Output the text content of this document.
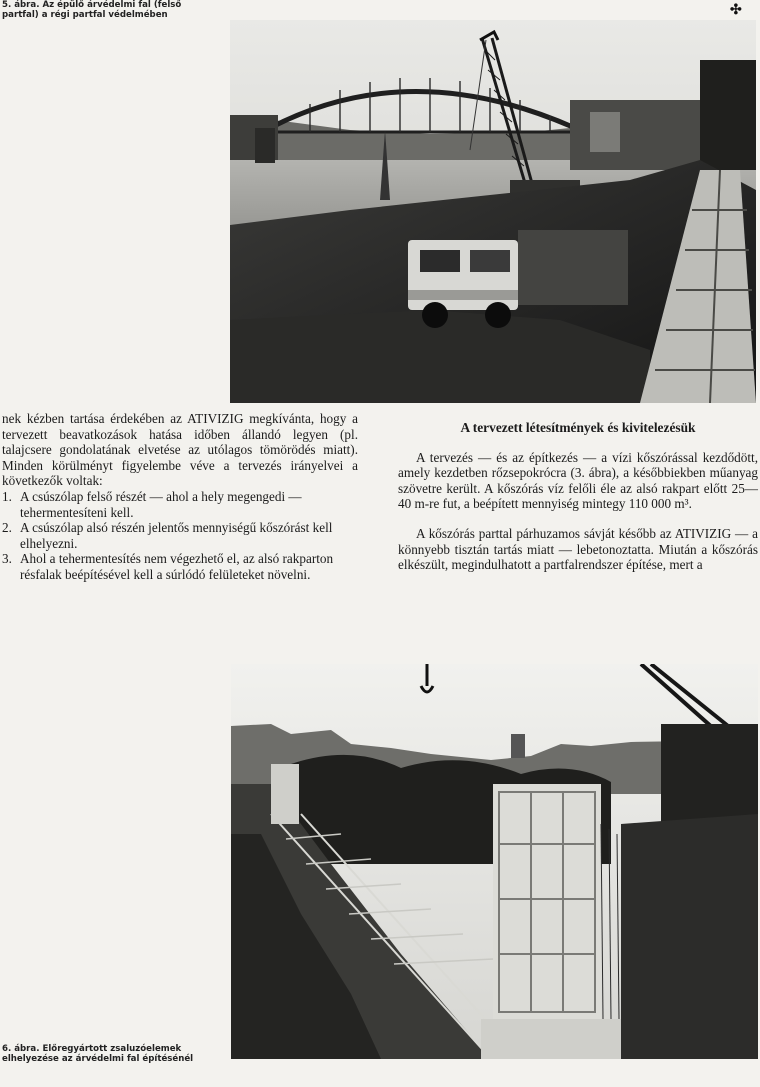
5. ábra. Az épülő árvédelmi fal (felső
partfal) a régi partfal védelmében	✣

nek kézben tartása érdekében az ATIVIZIG megkívánta, hogy a tervezett beavatkozások hatása időben állandó legyen (pl. talajcsere gondolatának elvetése az utólagos tömörödés miatt). Minden körülményt figyelembe véve a tervezés irányelvei a következők voltak:

1. A csúszólap felső részét — ahol a hely megengedi — tehermentesíteni kell.
2. A csúszólap alsó részén jelentős mennyiségű kőszórást kell elhelyezni.
3. Ahol a tehermentesítés nem végezhető el, az alsó rakparton résfalak beépítésével kell a súrlódó felületeket növelni.
A tervezett létesítmények és kivitelezésük

A tervezés — és az építkezés — a vízi kőszórással kezdődött, amely kezdetben rőzsepokrócra (3. ábra), a későbbiekben műanyag szövetre került. A kőszórás víz felőli éle az alsó rakpart előtt 25—40 m-re fut, a beépített mennyiség mintegy 110 000 m³.

A kőszórás parttal párhuzamos sávját később az ATIVIZIG — a könnyebb tisztán tartás miatt — lebetonoztatta. Miután a kőszórás elkészült, megindulhatott a partfalrendszer építése, mert a

6. ábra. Előregyártott zsaluzóelemek
elhelyezése az árvédelmi fal építésénél
